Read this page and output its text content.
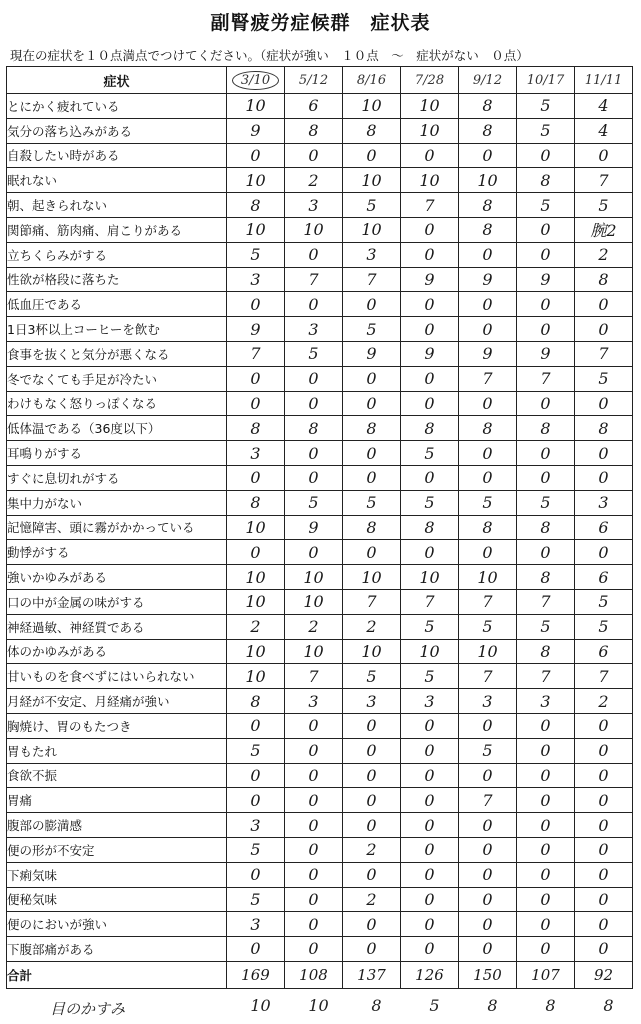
副腎疲労症候群　症状表
現在の症状を１０点満点でつけてください。（症状が強い　１０点　～　症状がない　０点）
症状	3/10	5/12	8/16	7/28	9/12	10/17	11/11
とにかく疲れている	10	6	10	10	8	5	4
気分の落ち込みがある	9	8	8	10	8	5	4
自殺したい時がある	0	0	0	0	0	0	0
眠れない	10	2	10	10	10	8	7
朝、起きられない	8	3	5	7	8	5	5
関節痛、筋肉痛、肩こりがある	10	10	10	0	8	0	腕2
立ちくらみがする	5	0	3	0	0	0	2
性欲が格段に落ちた	3	7	7	9	9	9	8
低血圧である	0	0	0	0	0	0	0
1日3杯以上コーヒーを飲む	9	3	5	0	0	0	0
食事を抜くと気分が悪くなる	7	5	9	9	9	9	7
冬でなくても手足が冷たい	0	0	0	0	7	7	5
わけもなく怒りっぽくなる	0	0	0	0	0	0	0
低体温である（36度以下）	8	8	8	8	8	8	8
耳鳴りがする	3	0	0	5	0	0	0
すぐに息切れがする	0	0	0	0	0	0	0
集中力がない	8	5	5	5	5	5	3
記憶障害、頭に霧がかかっている	10	9	8	8	8	8	6
動悸がする	0	0	0	0	0	0	0
強いかゆみがある	10	10	10	10	10	8	6
口の中が金属の味がする	10	10	7	7	7	7	5
神経過敏、神経質である	2	2	2	5	5	5	5
体のかゆみがある	10	10	10	10	10	8	6
甘いものを食べずにはいられない	10	7	5	5	7	7	7
月経が不安定、月経痛が強い	8	3	3	3	3	3	2
胸焼け、胃のもたつき	0	0	0	0	0	0	0
胃もたれ	5	0	0	0	5	0	0
食欲不振	0	0	0	0	0	0	0
胃痛	0	0	0	0	7	0	0
腹部の膨満感	3	0	0	0	0	0	0
便の形が不安定	5	0	2	0	0	0	0
下痢気味	0	0	0	0	0	0	0
便秘気味	5	0	2	0	0	0	0
便のにおいが強い	3	0	0	0	0	0	0
下腹部痛がある	0	0	0	0	0	0	0
合計	169	108	137	126	150	107	92
目のかすみ	10	10	8	5	8	8	8
